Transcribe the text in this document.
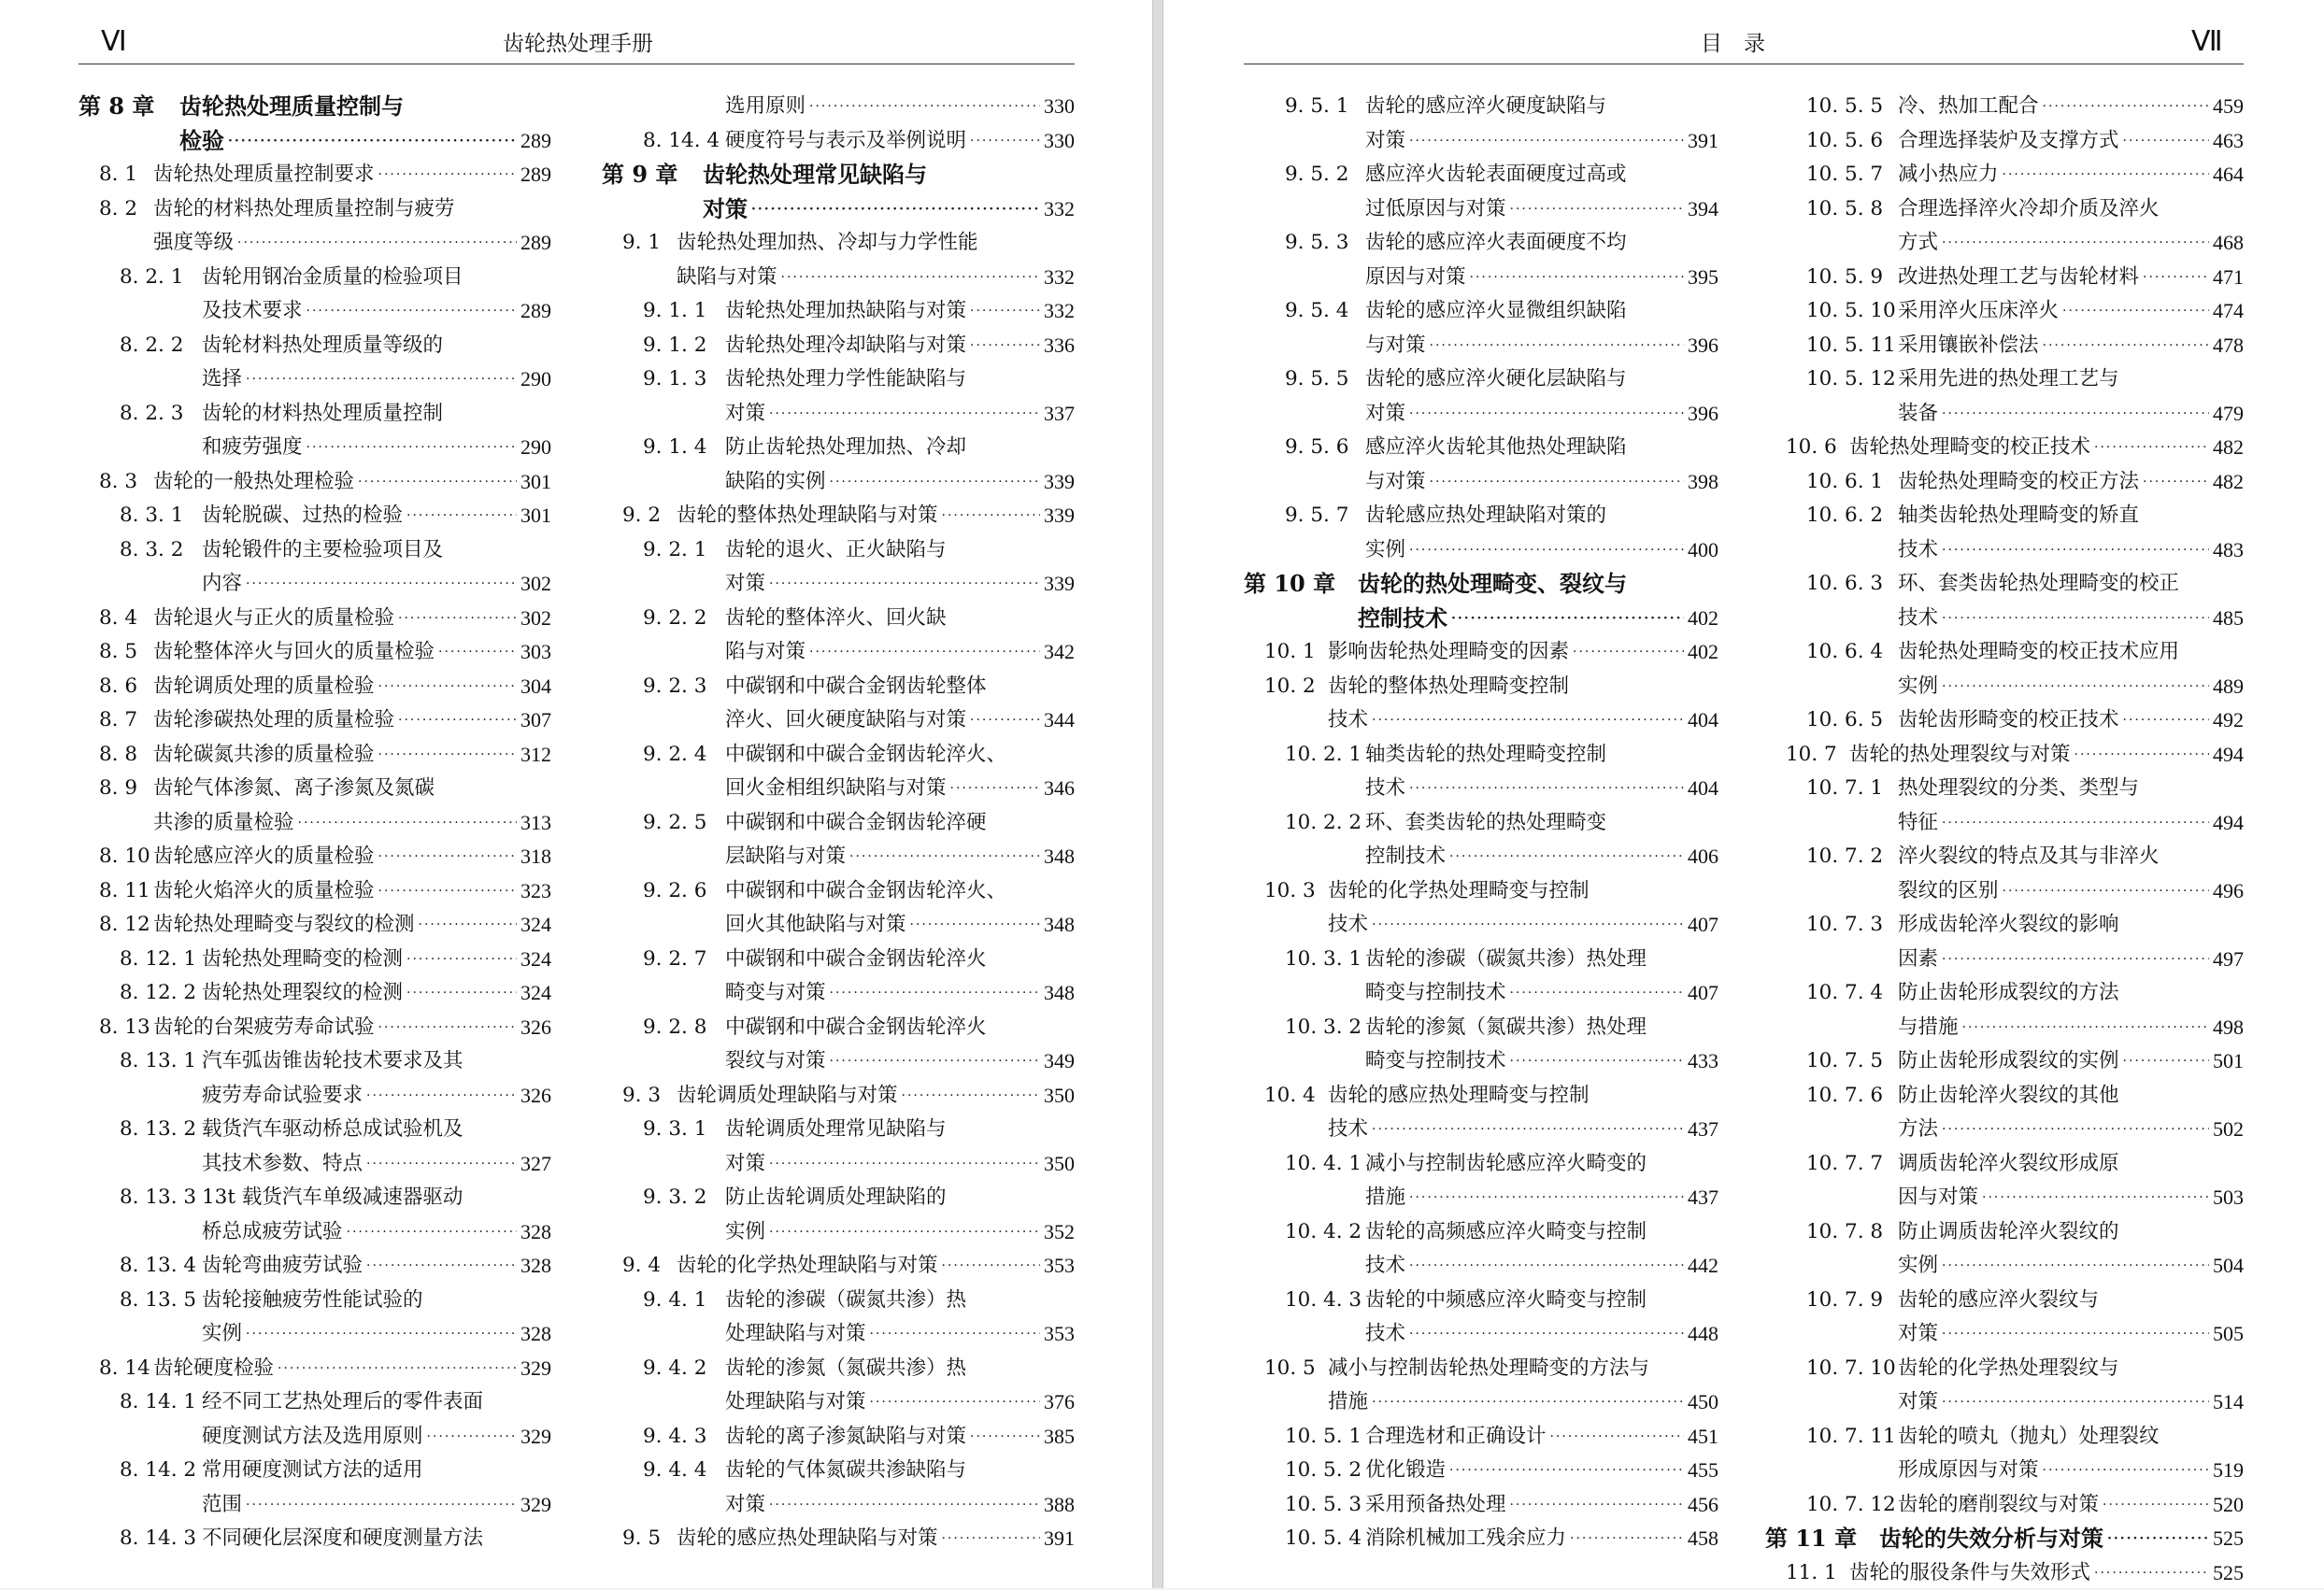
Ⅵ	齿轮热处理手册
第 8 章	齿轮热处理质量控制与
检验 ·····	289
8. 1 齿轮热处理质量控制要求 ·····	289
8. 2 齿轮的材料热处理质量控制与疲劳
强度等级 ·····	289
8. 2. 1 齿轮用钢冶金质量的检验项目
及技术要求 ·····	289
8. 2. 2 齿轮材料热处理质量等级的
选择 ·····	290
8. 2. 3 齿轮的材料热处理质量控制
和疲劳强度 ·····	290
8. 3 齿轮的一般热处理检验 ·····	301
8. 3. 1 齿轮脱碳、过热的检验 ·····	301
8. 3. 2 齿轮锻件的主要检验项目及
内容 ·····	302
8. 4 齿轮退火与正火的质量检验 ·····	302
8. 5 齿轮整体淬火与回火的质量检验 ·····	303
8. 6 齿轮调质处理的质量检验 ·····	304
8. 7 齿轮渗碳热处理的质量检验 ·····	307
8. 8 齿轮碳氮共渗的质量检验 ·····	312
8. 9 齿轮气体渗氮、离子渗氮及氮碳
共渗的质量检验 ·····	313
8. 10 齿轮感应淬火的质量检验 ·····	318
8. 11 齿轮火焰淬火的质量检验 ·····	323
8. 12 齿轮热处理畸变与裂纹的检测 ·····	324
8. 12. 1 齿轮热处理畸变的检测 ·····	324
8. 12. 2 齿轮热处理裂纹的检测 ·····	324
8. 13 齿轮的台架疲劳寿命试验 ·····	326
8. 13. 1 汽车弧齿锥齿轮技术要求及其
疲劳寿命试验要求 ·····	326
8. 13. 2 载货汽车驱动桥总成试验机及
其技术参数、特点 ·····	327
8. 13. 3 13t 载货汽车单级减速器驱动
桥总成疲劳试验 ·····	328
8. 13. 4 齿轮弯曲疲劳试验 ·····	328
8. 13. 5 齿轮接触疲劳性能试验的
实例 ·····	328
8. 14 齿轮硬度检验 ·····	329
8. 14. 1 经不同工艺热处理后的零件表面
硬度测试方法及选用原则 ·····	329
8. 14. 2 常用硬度测试方法的适用
范围 ·····	329
8. 14. 3 不同硬化层深度和硬度测量方法
选用原则 ·····	330
8. 14. 4 硬度符号与表示及举例说明 ·····	330
第 9 章	齿轮热处理常见缺陷与
对策 ·····	332
9. 1 齿轮热处理加热、冷却与力学性能
缺陷与对策 ·····	332
9. 1. 1 齿轮热处理加热缺陷与对策 ·····	332
9. 1. 2 齿轮热处理冷却缺陷与对策 ·····	336
9. 1. 3 齿轮热处理力学性能缺陷与
对策 ·····	337
9. 1. 4 防止齿轮热处理加热、冷却
缺陷的实例 ·····	339
9. 2 齿轮的整体热处理缺陷与对策 ·····	339
9. 2. 1 齿轮的退火、正火缺陷与
对策 ·····	339
9. 2. 2 齿轮的整体淬火、回火缺
陷与对策 ·····	342
9. 2. 3 中碳钢和中碳合金钢齿轮整体
淬火、回火硬度缺陷与对策 ·····	344
9. 2. 4 中碳钢和中碳合金钢齿轮淬火、
回火金相组织缺陷与对策 ·····	346
9. 2. 5 中碳钢和中碳合金钢齿轮淬硬
层缺陷与对策 ·····	348
9. 2. 6 中碳钢和中碳合金钢齿轮淬火、
回火其他缺陷与对策 ·····	348
9. 2. 7 中碳钢和中碳合金钢齿轮淬火
畸变与对策 ·····	348
9. 2. 8 中碳钢和中碳合金钢齿轮淬火
裂纹与对策 ·····	349
9. 3 齿轮调质处理缺陷与对策 ·····	350
9. 3. 1 齿轮调质处理常见缺陷与
对策 ·····	350
9. 3. 2 防止齿轮调质处理缺陷的
实例 ·····	352
9. 4 齿轮的化学热处理缺陷与对策 ·····	353
9. 4. 1 齿轮的渗碳（碳氮共渗）热
处理缺陷与对策 ·····	353
9. 4. 2 齿轮的渗氮（氮碳共渗）热
处理缺陷与对策 ·····	376
9. 4. 3 齿轮的离子渗氮缺陷与对策 ·····	385
9. 4. 4 齿轮的气体氮碳共渗缺陷与
对策 ·····	388
9. 5 齿轮的感应热处理缺陷与对策 ·····	391
目　录	Ⅶ
9. 5. 1 齿轮的感应淬火硬度缺陷与
对策 ·····	391
9. 5. 2 感应淬火齿轮表面硬度过高或
过低原因与对策 ·····	394
9. 5. 3 齿轮的感应淬火表面硬度不均
原因与对策 ·····	395
9. 5. 4 齿轮的感应淬火显微组织缺陷
与对策 ·····	396
9. 5. 5 齿轮的感应淬火硬化层缺陷与
对策 ·····	396
9. 5. 6 感应淬火齿轮其他热处理缺陷
与对策 ·····	398
9. 5. 7 齿轮感应热处理缺陷对策的
实例 ·····	400
第 10 章 齿轮的热处理畸变、裂纹与
控制技术 ·····	402
10. 1 影响齿轮热处理畸变的因素 ·····	402
10. 2 齿轮的整体热处理畸变控制
技术 ·····	404
10. 2. 1 轴类齿轮的热处理畸变控制
技术 ·····	404
10. 2. 2 环、套类齿轮的热处理畸变
控制技术 ·····	406
10. 3 齿轮的化学热处理畸变与控制
技术 ·····	407
10. 3. 1 齿轮的渗碳（碳氮共渗）热处理
畸变与控制技术 ·····	407
10. 3. 2 齿轮的渗氮（氮碳共渗）热处理
畸变与控制技术 ·····	433
10. 4 齿轮的感应热处理畸变与控制
技术 ·····	437
10. 4. 1 减小与控制齿轮感应淬火畸变的
措施 ·····	437
10. 4. 2 齿轮的高频感应淬火畸变与控制
技术 ·····	442
10. 4. 3 齿轮的中频感应淬火畸变与控制
技术 ·····	448
10. 5 减小与控制齿轮热处理畸变的方法与
措施 ·····	450
10. 5. 1 合理选材和正确设计 ·····	451
10. 5. 2 优化锻造 ·····	455
10. 5. 3 采用预备热处理 ·····	456
10. 5. 4 消除机械加工残余应力 ·····	458
10. 5. 5 冷、热加工配合 ·····	459
10. 5. 6 合理选择装炉及支撑方式 ·····	463
10. 5. 7 减小热应力 ·····	464
10. 5. 8 合理选择淬火冷却介质及淬火
方式 ·····	468
10. 5. 9 改进热处理工艺与齿轮材料 ·····	471
10. 5. 10 采用淬火压床淬火 ·····	474
10. 5. 11 采用镶嵌补偿法 ·····	478
10. 5. 12 采用先进的热处理工艺与
装备 ·····	479
10. 6 齿轮热处理畸变的校正技术 ·····	482
10. 6. 1 齿轮热处理畸变的校正方法 ·····	482
10. 6. 2 轴类齿轮热处理畸变的矫直
技术 ·····	483
10. 6. 3 环、套类齿轮热处理畸变的校正
技术 ·····	485
10. 6. 4 齿轮热处理畸变的校正技术应用
实例 ·····	489
10. 6. 5 齿轮齿形畸变的校正技术 ·····	492
10. 7 齿轮的热处理裂纹与对策 ·····	494
10. 7. 1 热处理裂纹的分类、类型与
特征 ·····	494
10. 7. 2 淬火裂纹的特点及其与非淬火
裂纹的区别 ·····	496
10. 7. 3 形成齿轮淬火裂纹的影响
因素 ·····	497
10. 7. 4 防止齿轮形成裂纹的方法
与措施 ·····	498
10. 7. 5 防止齿轮形成裂纹的实例 ·····	501
10. 7. 6 防止齿轮淬火裂纹的其他
方法 ·····	502
10. 7. 7 调质齿轮淬火裂纹形成原
因与对策 ·····	503
10. 7. 8 防止调质齿轮淬火裂纹的
实例 ·····	504
10. 7. 9 齿轮的感应淬火裂纹与
对策 ·····	505
10. 7. 10 齿轮的化学热处理裂纹与
对策 ·····	514
10. 7. 11 齿轮的喷丸（抛丸）处理裂纹
形成原因与对策 ·····	519
10. 7. 12 齿轮的磨削裂纹与对策 ·····	520
第 11 章 齿轮的失效分析与对策 ·····	525
11. 1 齿轮的服役条件与失效形式 ·····	525
